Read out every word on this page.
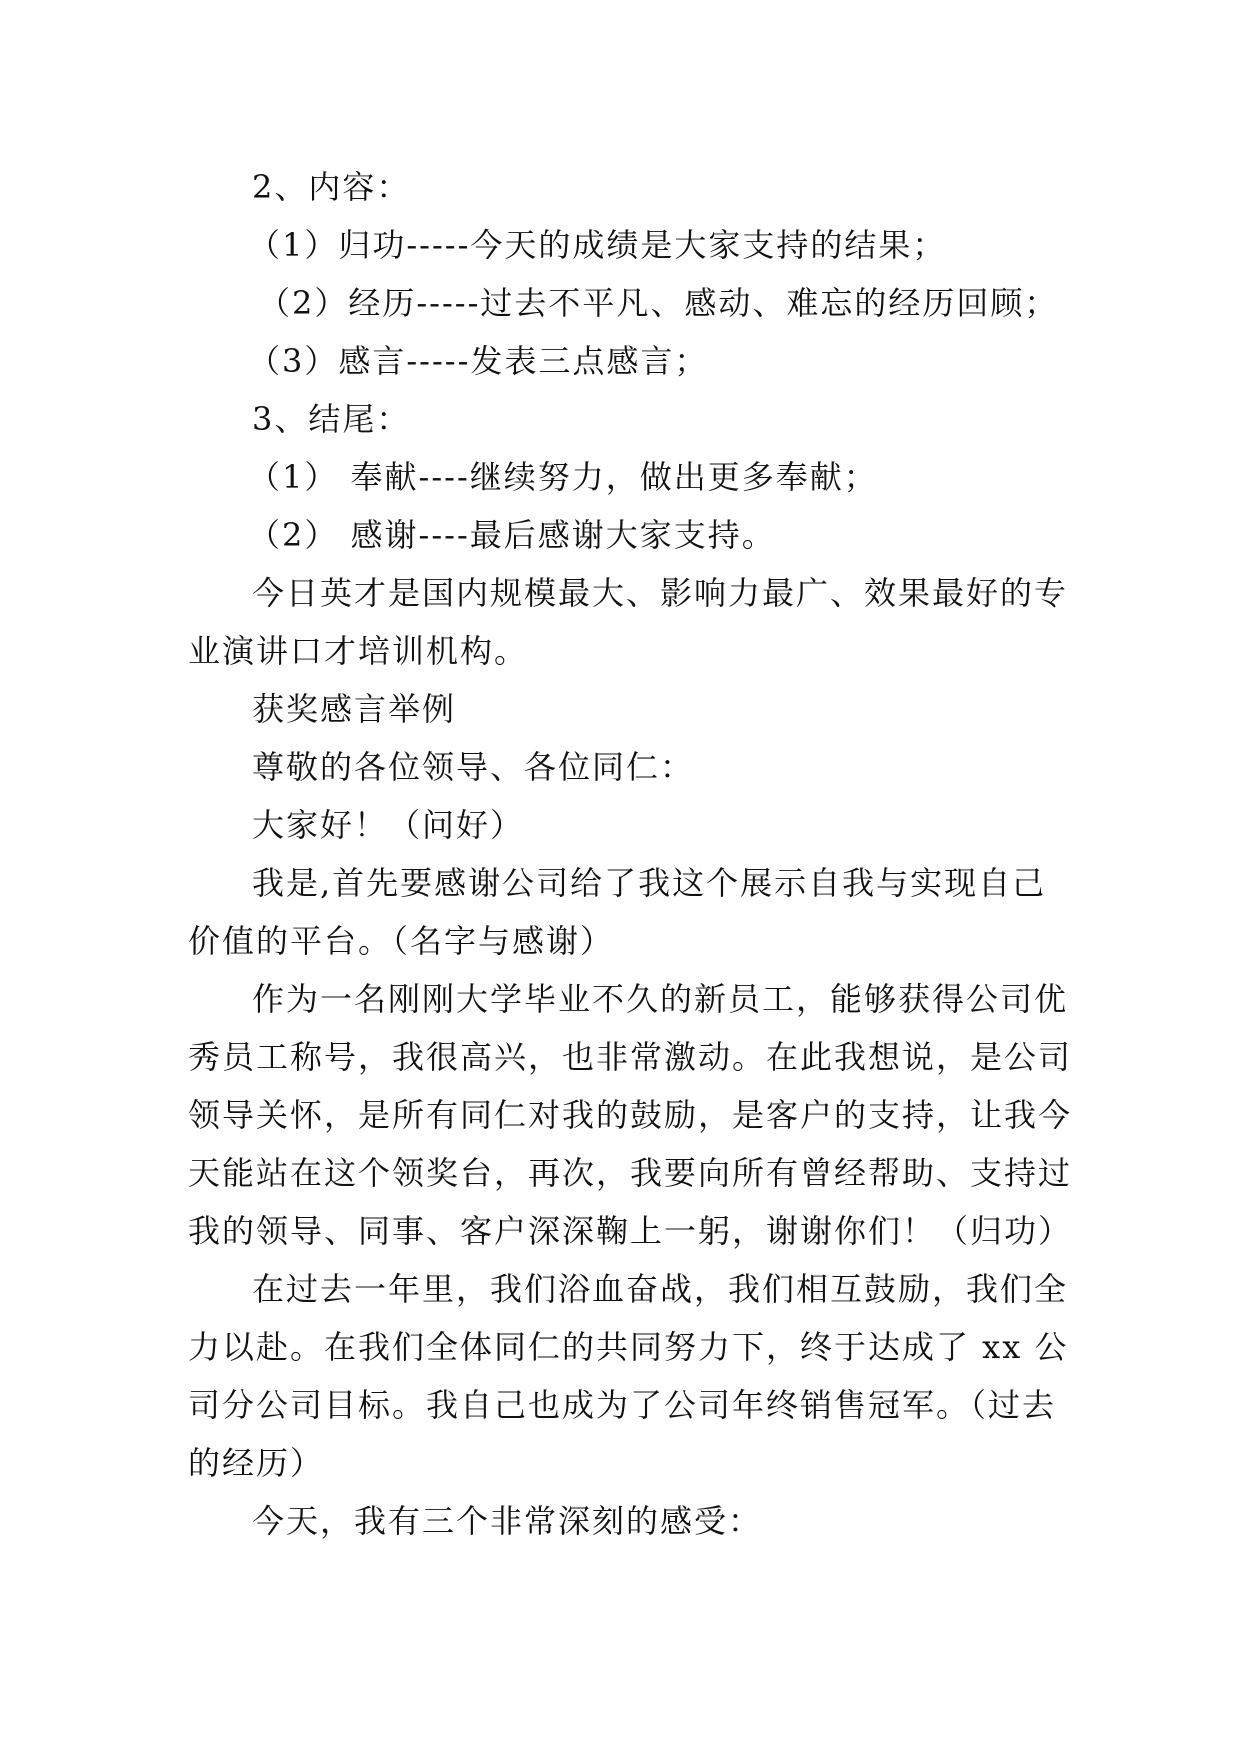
2、内容：
（1）归功-----今天的成绩是大家支持的结果；
（2）经历-----过去不平凡、感动、难忘的经历回顾；
（3）感言-----发表三点感言；
3、结尾：
（1） 奉献----继续努力，做出更多奉献；
（2） 感谢----最后感谢大家支持。
今日英才是国内规模最大、影响力最广、效果最好的专
业演讲口才培训机构。
获奖感言举例
尊敬的各位领导、各位同仁：
大家好！（问好）
我是,首先要感谢公司给了我这个展示自我与实现自己
价值的平台。（名字与感谢）
作为一名刚刚大学毕业不久的新员工，能够获得公司优
秀员工称号，我很高兴，也非常激动。在此我想说，是公司
领导关怀，是所有同仁对我的鼓励，是客户的支持，让我今
天能站在这个领奖台，再次，我要向所有曾经帮助、支持过
我的领导、同事、客户深深鞠上一躬，谢谢你们！（归功）
在过去一年里，我们浴血奋战，我们相互鼓励，我们全
力以赴。在我们全体同仁的共同努力下，终于达成了 xx 公
司分公司目标。我自己也成为了公司年终销售冠军。（过去
的经历）
今天，我有三个非常深刻的感受：
